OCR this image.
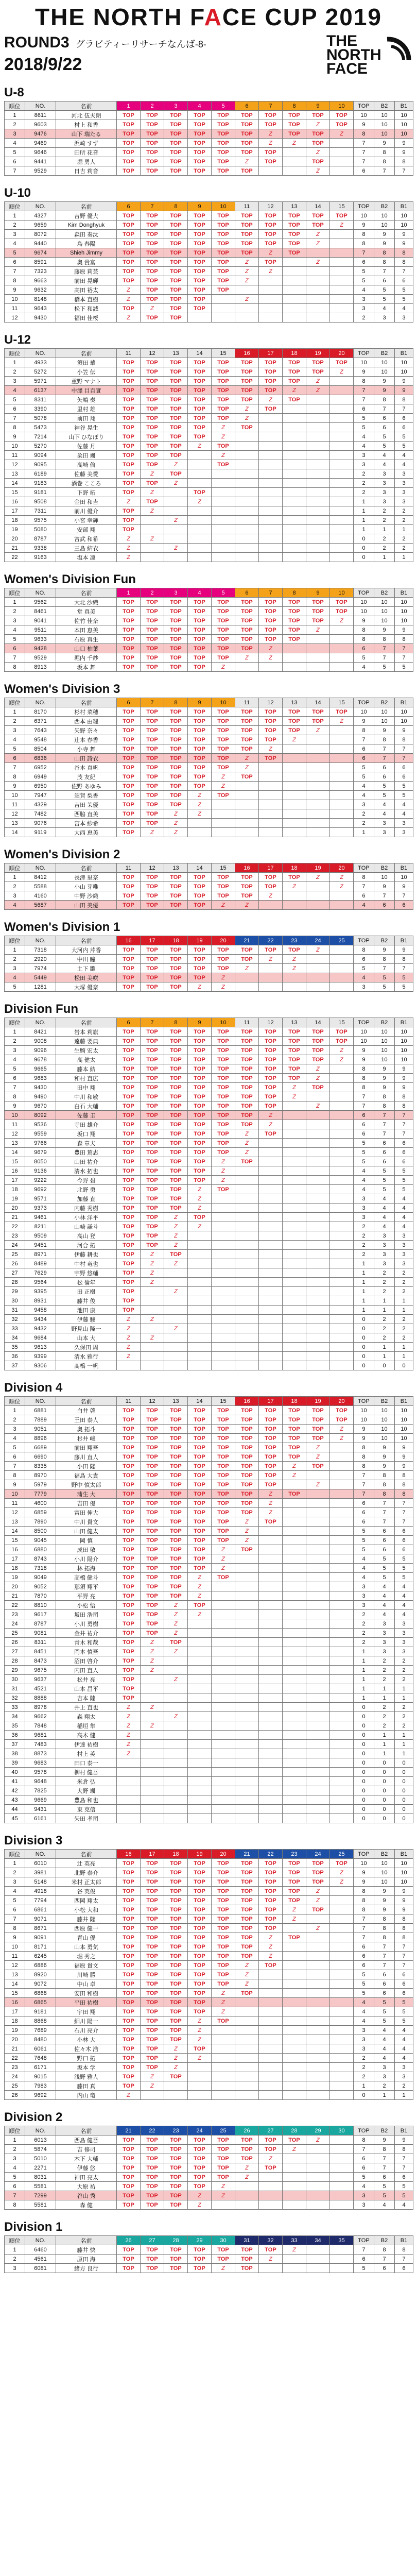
THE NORTH FACE CUP 2019
ROUND3 グラビティーリサーチなんば-8-
2018/9/22
THE
NORTH
FACE
U-8
順位	NO.	名前	1	2	3	4	5	6	7	8	9	10	TOP	B2	B1
1	8611	河北 伍夫朗	TOP	TOP	TOP	TOP	TOP	TOP	TOP	TOP	TOP	TOP	10	10	10
2	9603	村上 和香	TOP	TOP	TOP	TOP	TOP	TOP	TOP	TOP	Z	TOP	9	10	10
3	9476	山下 瑞たる	TOP	TOP	TOP	TOP	TOP	TOP	Z	TOP	TOP	Z	8	10	10
4	9469	浜崎 すず	TOP	TOP	TOP	TOP	TOP	TOP	Z	Z	TOP		7	9	9
5	9646	田所 花音	TOP	TOP	TOP	TOP	TOP	TOP	TOP		Z		7	8	9
6	9441	堀 勇人	TOP	TOP	TOP	TOP	TOP	Z	TOP		TOP		7	8	8
7	9529	日吉 莉音	TOP	TOP	TOP	TOP	TOP	TOP			Z		6	7	7
U-10
順位	NO.	名前	6	7	8	9	10	11	12	13	14	15	TOP	B2	B1
1	4327	吉野 優大	TOP	TOP	TOP	TOP	TOP	TOP	TOP	TOP	TOP	TOP	10	10	10
2	9659	Kim Donghyuk	TOP	TOP	TOP	TOP	TOP	TOP	TOP	TOP	TOP	Z	9	10	10
3	8072	森田 奏汰	TOP	TOP	TOP	TOP	TOP	TOP	TOP	TOP	Z		8	9	9
4	9440	島 春陽	TOP	TOP	TOP	TOP	TOP	TOP	TOP	TOP	Z		8	9	9
5	9674	Shieh Jimmy	TOP	TOP	TOP	TOP	TOP	TOP	Z	TOP			7	8	8
6	8591	奥 貴富	TOP	TOP	TOP	TOP	TOP	Z	TOP		Z		6	8	8
7	7323	藤原 莉芸	TOP	TOP	TOP	TOP	TOP	Z	Z				5	7	7
8	9663	前田 晃輝	TOP	TOP	TOP	TOP	TOP	Z					5	6	6
9	9632	高田 裕太	Z	TOP	TOP	TOP	TOP						4	5	5
10	8148	橋本 直樹	Z	TOP	TOP	TOP		Z					3	5	5
11	9643	松下 和誠	TOP	Z	TOP	TOP							3	4	4
12	9430	福田 佳桜	Z	TOP	TOP								2	3	3
U-12
順位	NO.	名前	11	12	13	14	15	16	17	18	19	20	TOP	B2	B1
1	4933	須田 華	TOP	TOP	TOP	TOP	TOP	TOP	TOP	TOP	TOP	TOP	10	10	10
2	5272	小笠 伝	TOP	TOP	TOP	TOP	TOP	TOP	TOP	TOP	TOP	Z	9	10	10
3	5971	重野 マナト	TOP	TOP	TOP	TOP	TOP	TOP	TOP	TOP	Z		8	9	9
4	6137	中澤 目百實	TOP	TOP	TOP	TOP	TOP	TOP	TOP	Z	Z		7	9	9
5	8311	矢嶋 奏	TOP	TOP	TOP	TOP	TOP	TOP	Z	TOP			7	8	8
6	3390	里村 雄	TOP	TOP	TOP	TOP	TOP	Z	TOP				6	7	7
7	5078	前田 翔	TOP	TOP	TOP	TOP	TOP	Z					5	6	6
8	5473	神谷 晃生	TOP	TOP	TOP	TOP	Z	TOP					5	6	6
9	7214	山下 ひなぼり	TOP	TOP	TOP	TOP	Z						4	5	5
10	5270	佐藤 月	TOP	TOP	TOP	Z	TOP						4	5	5
11	9094	粂田 颯	TOP	TOP	TOP		Z						3	4	4
12	9095	高崎 倫	TOP	TOP	Z		TOP						3	4	4
13	6189	佐藤 美愛	TOP	Z	TOP								2	3	3
14	9183	酒巻 こころ	TOP	TOP	Z								2	3	3
15	9181	下野 拓	TOP	Z		TOP							2	3	3
16	9508	金田 和吉	Z	TOP		Z							1	3	3
17	7311	前川 優介	TOP	Z									1	2	2
18	9575	小宮 幸輝	TOP		Z								1	2	2
19	5080	安部 翔	TOP										1	1	1
20	8787	宮武 和希	Z	Z									0	2	2
21	9338	三島 結衣	Z		Z								0	2	2
22	9163	塩本 凛	Z										0	1	1
Women's Division Fun
順位	NO.	名前	1	2	3	4	5	6	7	8	9	10	TOP	B2	B1
1	9562	大北 沙織	TOP	TOP	TOP	TOP	TOP	TOP	TOP	TOP	TOP	TOP	10	10	10
2	8461	堂 真美	TOP	TOP	TOP	TOP	TOP	TOP	TOP	TOP	TOP	TOP	10	10	10
3	9041	佐竹 佳奈	TOP	TOP	TOP	TOP	TOP	TOP	TOP	TOP	TOP	Z	9	10	10
4	9511	本田 恵美	TOP	TOP	TOP	TOP	TOP	TOP	TOP	TOP	Z		8	9	9
5	9633	石原 真生	TOP	TOP	TOP	TOP	TOP	TOP	TOP	TOP			8	8	8
6	9428	山口 柚葉	TOP	TOP	TOP	TOP	TOP	TOP	Z				6	7	7
7	9529	堀内 千紗	TOP	TOP	TOP	TOP	TOP	Z	Z				5	7	7
8	8913	坂本 舞	TOP	TOP	TOP	TOP	Z						4	5	5
Women's Division 3
順位	NO.	名前	6	7	8	9	10	11	12	13	14	15	TOP	B2	B1
1	8170	杉村 菜穂	TOP	TOP	TOP	TOP	TOP	TOP	TOP	TOP	TOP	TOP	10	10	10
2	6371	西本 由理	TOP	TOP	TOP	TOP	TOP	TOP	TOP	TOP	TOP	Z	9	10	10
3	7643	矢野 奈々	TOP	TOP	TOP	TOP	TOP	TOP	TOP	TOP	Z		8	9	9
4	9548	辻本 春香	TOP	TOP	TOP	TOP	TOP	TOP	TOP	Z			7	8	8
5	8504	小寺 舞	TOP	TOP	TOP	TOP	TOP	TOP	Z				6	7	7
6	6836	山田 詩衣	TOP	TOP	TOP	TOP	TOP	Z	TOP				6	7	7
7	6952	谷本 真帆	TOP	TOP	TOP	TOP	TOP	Z					5	6	6
8	6949	茂 友紀	TOP	TOP	TOP	TOP	Z	TOP					5	6	6
9	6950	佐野 あゆみ	TOP	TOP	TOP	TOP	Z						4	5	5
10	7947	須賀 梨香	TOP	TOP	TOP	Z	TOP						4	5	5
11	4329	吉田 茉優	TOP	TOP	TOP	Z							3	4	4
12	7482	西脇 直美	TOP	TOP	Z	Z							2	4	4
13	9076	宮本 紗希	TOP	TOP	Z								2	3	3
14	9119	大西 恵美	TOP	Z	Z								1	3	3
Women's Division 2
順位	NO.	名前	11	12	13	14	15	16	17	18	19	20	TOP	B2	B1
1	8412	長澤 里奈	TOP	TOP	TOP	TOP	TOP	TOP	TOP	TOP	Z	Z	8	10	10
2	5588	小山 芽唯	TOP	TOP	TOP	TOP	TOP	TOP	TOP	Z		Z	7	9	9
3	4160	中野 沙織	TOP	TOP	TOP	TOP	TOP	TOP	Z				6	7	7
4	5687	山田 美優	TOP	TOP	TOP	TOP	Z	Z					4	6	6
Women's Division 1
順位	NO.	名前	16	17	18	19	20	21	22	23	24	25	TOP	B2	B1
1	7318	大河内 芹香	TOP	TOP	TOP	TOP	TOP	TOP	TOP	TOP	Z		8	9	9
2	2920	中川 瞳	TOP	TOP	TOP	TOP	TOP	TOP	Z	Z			6	8	8
3	7974	土下 雛	TOP	TOP	TOP	TOP	TOP	Z		Z			5	7	7
4	5449	松田 美咲	TOP	TOP	TOP	TOP	Z						4	5	5
5	1281	大塚 優奈	TOP	TOP	TOP	Z	Z						3	5	5
Division Fun
順位	NO.	名前	6	7	8	9	10	11	12	13	14	15	TOP	B2	B1
1	8421	岩本 莉旗	TOP	TOP	TOP	TOP	TOP	TOP	TOP	TOP	TOP	TOP	10	10	10
2	9008	遠藤 要典	TOP	TOP	TOP	TOP	TOP	TOP	TOP	TOP	TOP	TOP	10	10	10
3	9096	生駒 宏太	TOP	TOP	TOP	TOP	TOP	TOP	TOP	TOP	TOP	Z	9	10	10
4	9678	高 健太	TOP	TOP	TOP	TOP	TOP	TOP	TOP	TOP	TOP	Z	9	10	10
5	9665	藤本 結	TOP	TOP	TOP	TOP	TOP	TOP	TOP	TOP	Z		8	9	9
6	9683	和村 直広	TOP	TOP	TOP	TOP	TOP	TOP	TOP	TOP	Z		8	9	9
7	9430	田中 翔	TOP	TOP	TOP	TOP	TOP	TOP	TOP	Z	TOP		8	9	9
8	9490	中川 和敏	TOP	TOP	TOP	TOP	TOP	TOP	TOP	Z			7	8	8
9	9670	白石 大輔	TOP	TOP	TOP	TOP	TOP	TOP	TOP		Z		7	8	8
10	8092	佐藤 圭	TOP	TOP	TOP	TOP	TOP	TOP	Z				6	7	7
11	9536	寺田 雄介	TOP	TOP	TOP	TOP	TOP	TOP	Z				6	7	7
12	9559	坂口 翔	TOP	TOP	TOP	TOP	TOP	Z	TOP				6	7	7
13	9766	森 章夫	TOP	TOP	TOP	TOP	TOP	Z					5	6	6
14	9679	豊田 篤志	TOP	TOP	TOP	TOP	TOP	Z					5	6	6
15	8050	山田 祐介	TOP	TOP	TOP	TOP	Z	TOP					5	6	6
16	9136	清水 拓也	TOP	TOP	TOP	TOP	Z						4	5	5
17	9222	今野 碧	TOP	TOP	TOP	TOP	Z						4	5	5
18	9692	北野 勇	TOP	TOP	TOP	Z	TOP						4	5	5
19	9571	加藤 直	TOP	TOP	TOP	Z							3	4	4
20	9373	内藤 秀樹	TOP	TOP	TOP	Z							3	4	4
21	9461	小林 洋平	TOP	TOP	Z	TOP							3	4	4
22	8211	山崎 謙斗	TOP	TOP	Z	Z							2	4	4
23	9509	高山 登	TOP	TOP	Z								2	3	3
24	9451	河合 拓	TOP	TOP	Z								2	3	3
25	8971	伊藤 耕也	TOP	Z	TOP								2	3	3
26	8489	中村 竜也	TOP	Z	Z								1	3	3
27	7629	宇野 悠輔	TOP	Z									1	2	2
28	9564	松 倫年	TOP	Z									1	2	2
29	9395	田 正樹	TOP		Z								1	2	2
30	8931	藤井 俊	TOP										1	1	1
31	9458	池田 康	TOP										1	1	1
32	9434	伊藤 駿	Z	Z									0	2	2
33	9432	野見山 隆一	Z		Z								0	2	2
34	9684	山本 大	Z	Z									0	2	2
35	9613	久保田 周	Z										0	1	1
36	9399	清水 雅行	Z										0	1	1
37	9306	髙橋 一帆											0	0	0
Division 4
順位	NO.	名前	11	12	13	14	15	16	17	18	19	20	TOP	B2	B1
1	6881	白井 啓	TOP	TOP	TOP	TOP	TOP	TOP	TOP	TOP	TOP	TOP	10	10	10
2	7889	王田 泰人	TOP	TOP	TOP	TOP	TOP	TOP	TOP	TOP	TOP	TOP	10	10	10
3	9051	奥 拓斗	TOP	TOP	TOP	TOP	TOP	TOP	TOP	TOP	TOP	Z	9	10	10
4	8896	杉井 峻	TOP	TOP	TOP	TOP	TOP	TOP	TOP	TOP	TOP	Z	9	10	10
5	6689	前田 翔吾	TOP	TOP	TOP	TOP	TOP	TOP	TOP	TOP	Z		8	9	9
6	6690	藤川 直人	TOP	TOP	TOP	TOP	TOP	TOP	TOP	TOP	Z		8	9	9
7	8335	小田 隆	TOP	TOP	TOP	TOP	TOP	TOP	TOP	Z	TOP		8	9	9
8	8970	福島 大貴	TOP	TOP	TOP	TOP	TOP	TOP	TOP	Z			7	8	8
9	5979	野中 慎太郎	TOP	TOP	TOP	TOP	TOP	TOP	TOP		Z		7	8	8
10	7779	蒲生 大	TOP	TOP	TOP	TOP	TOP	TOP	Z	TOP			7	8	8
11	4600	吉田 優	TOP	TOP	TOP	TOP	TOP	TOP	Z				6	7	7
12	6859	富田 伸大	TOP	TOP	TOP	TOP	TOP	TOP	Z				6	7	7
13	7890	中川 貴文	TOP	TOP	TOP	TOP	TOP	Z	TOP				6	7	7
14	8500	山田 健太	TOP	TOP	TOP	TOP	TOP	Z					5	6	6
15	9045	岡 慎	TOP	TOP	TOP	TOP	TOP	Z					5	6	6
16	6880	成田 敬	TOP	TOP	TOP	TOP	Z	TOP					5	6	6
17	8743	小川 陽介	TOP	TOP	TOP	TOP	Z						4	5	5
18	7318	林 拓海	TOP	TOP	TOP	TOP	Z						4	5	5
19	9049	高橋 健斗	TOP	TOP	TOP	Z	TOP						4	5	5
20	9052	那須 翔平	TOP	TOP	TOP	Z							3	4	4
21	7870	平野 亮	TOP	TOP	TOP	Z							3	4	4
22	8810	小松 悟	TOP	TOP	Z	TOP							3	4	4
23	9617	坂田 浩司	TOP	TOP	Z	Z							2	4	4
24	8787	小川 勇樹	TOP	TOP	Z								2	3	3
25	9081	金井 祐介	TOP	TOP	Z								2	3	3
26	8311	青木 和哉	TOP	Z	TOP								2	3	3
27	8451	岡本 慎吾	TOP	Z	Z								1	3	3
28	8473	沼田 啓介	TOP	Z									1	2	2
29	9675	内田 直人	TOP	Z									1	2	2
30	9637	松井 亮	TOP		Z								1	2	2
31	4521	山本 昌平	TOP										1	1	1
32	8888	吉本 陸	TOP										1	1	1
33	8978	井上 直也	Z	Z									0	2	2
34	9662	森 翔太	Z		Z								0	2	2
35	7848	稲垣 隼	Z	Z									0	2	2
36	9681	高木 健	Z										0	1	1
37	7483	伊達 祐樹	Z										0	1	1
38	8873	村上 英	Z										0	1	1
39	9683	田口 泰一											0	0	0
40	9578	柳村 健吾											0	0	0
41	9648	米倉 弘											0	0	0
42	7825	大野 颯											0	0	0
43	9669	豊島 和也											0	0	0
44	9431	東 克信											0	0	0
45	6161	矢田 孝司											0	0	0
Division 3
順位	NO.	名前	16	17	18	19	20	21	22	23	24	25	TOP	B2	B1
1	6010	辻 英亮	TOP	TOP	TOP	TOP	TOP	TOP	TOP	TOP	TOP	TOP	10	10	10
2	3981	北野 泰介	TOP	TOP	TOP	TOP	TOP	TOP	TOP	TOP	TOP	Z	9	10	10
3	5148	米村 正太郎	TOP	TOP	TOP	TOP	TOP	TOP	TOP	TOP	TOP	Z	9	10	10
4	4918	谷 英俊	TOP	TOP	TOP	TOP	TOP	TOP	TOP	TOP	Z		8	9	9
5	7794	西岡 翔太	TOP	TOP	TOP	TOP	TOP	TOP	TOP	TOP	Z		8	9	9
6	6861	小松 大和	TOP	TOP	TOP	TOP	TOP	TOP	TOP	Z	TOP		8	9	9
7	9071	藤井 隆	TOP	TOP	TOP	TOP	TOP	TOP	TOP	Z			7	8	8
8	8671	西原 健一	TOP	TOP	TOP	TOP	TOP	TOP	TOP		Z		7	8	8
9	9091	青山 優	TOP	TOP	TOP	TOP	TOP	TOP	Z	TOP			7	8	8
10	8171	山本 勇気	TOP	TOP	TOP	TOP	TOP	TOP	Z				6	7	7
11	6245	堀 秀之	TOP	TOP	TOP	TOP	TOP	TOP	Z				6	7	7
12	6886	福原 貴文	TOP	TOP	TOP	TOP	TOP	Z	TOP				6	7	7
13	8920	川崎 勝	TOP	TOP	TOP	TOP	TOP	Z					5	6	6
14	9072	中山 卓	TOP	TOP	TOP	TOP	TOP	Z					5	6	6
15	6868	安田 和樹	TOP	TOP	TOP	TOP	Z	TOP					5	6	6
16	6865	平田 祐樹	TOP	TOP	TOP	TOP	Z						4	5	5
17	9181	宇田 翔	TOP	TOP	TOP	TOP	Z						4	5	5
18	8868	細川 陽一	TOP	TOP	TOP	Z	TOP						4	5	5
19	7689	石川 亮介	TOP	TOP	TOP	Z							3	4	4
20	8480	小林 大	TOP	TOP	TOP	Z							3	4	4
21	6061	佐々木 浩	TOP	TOP	Z	TOP							3	4	4
22	7648	野口 拓	TOP	TOP	Z	Z							2	4	4
23	6171	坂本 学	TOP	TOP	Z								2	3	3
24	9015	浅野 雅人	TOP	Z	TOP								2	3	3
25	7983	藤田 真	TOP	Z									1	2	2
26	9692	内山 竜	Z										0	1	1
Division 2
順位	NO.	名前	21	22	23	24	25	26	27	28	29	30	TOP	B2	B1
1	6013	西島 健吾	TOP	TOP	TOP	TOP	TOP	TOP	TOP	TOP	Z		8	9	9
2	5874	吉 修司	TOP	TOP	TOP	TOP	TOP	TOP	TOP	Z			7	8	8
3	5010	木下 大輔	TOP	TOP	TOP	TOP	TOP	TOP	Z				6	7	7
4	2271	伊藤 悠	TOP	TOP	TOP	TOP	TOP	Z	TOP				6	7	7
5	8031	神田 亮太	TOP	TOP	TOP	TOP	TOP	Z					5	6	6
6	5581	大原 祐	TOP	TOP	TOP	TOP	Z						4	5	5
7	7299	谷山 秀	TOP	TOP	TOP	Z	Z						3	5	5
8	5581	森 健	TOP	TOP	TOP	Z							3	4	4
Division 1
順位	NO.	名前	26	27	28	29	30	31	32	33	34	35	TOP	B2	B1
1	6460	藤井 快	TOP	TOP	TOP	TOP	TOP	TOP	TOP	Z			7	8	8
2	4561	原田 海	TOP	TOP	TOP	TOP	TOP	TOP	Z				6	7	7
3	6081	緒方 良行	TOP	TOP	TOP	TOP	Z	TOP					5	6	6
